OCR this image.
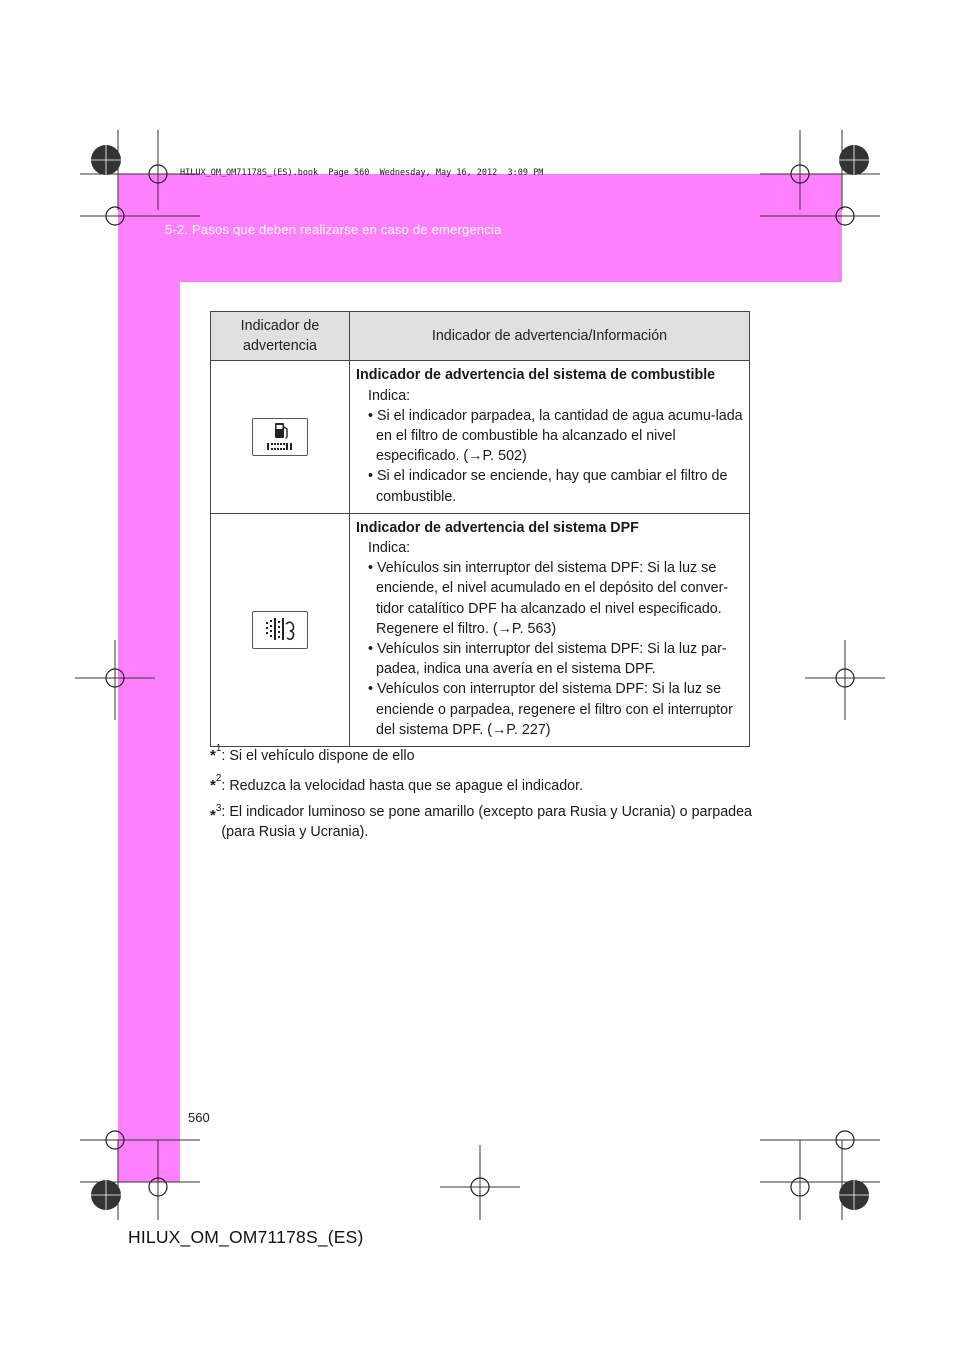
5-2. Pasos que deben realizarse en caso de emergencia
HILUX_OM_OM71178S_(ES).book  Page 560  Wednesday, May 16, 2012  3:09 PM
Indicador de advertencia	Indicador de advertencia/Información

Indicador de advertencia del sistema de combustible
Indica:
• Si el indicador parpadea, la cantidad de agua acumu-lada en el filtro de combustible ha alcanzado el nivel especificado. (→P. 502)
• Si el indicador se enciende, hay que cambiar el filtro de combustible.

Indicador de advertencia del sistema DPF
Indica:
• Vehículos sin interruptor del sistema DPF: Si la luz se enciende, el nivel acumulado en el depósito del conver-tidor catalítico DPF ha alcanzado el nivel especificado. Regenere el filtro. (→P. 563)
• Vehículos sin interruptor del sistema DPF: Si la luz par-padea, indica una avería en el sistema DPF.
• Vehículos con interruptor del sistema DPF: Si la luz se enciende o parpadea, regenere el filtro con el interruptor del sistema DPF. (→P. 227)
*$^1$: Si el vehículo dispone de ello
*$^2$: Reduzca la velocidad hasta que se apague el indicador.
*$^3$ : El indicador luminoso se pone amarillo (excepto para Rusia y Ucrania) o parpadea (para Rusia y Ucrania).
560
HILUX_OM_OM71178S_(ES)
